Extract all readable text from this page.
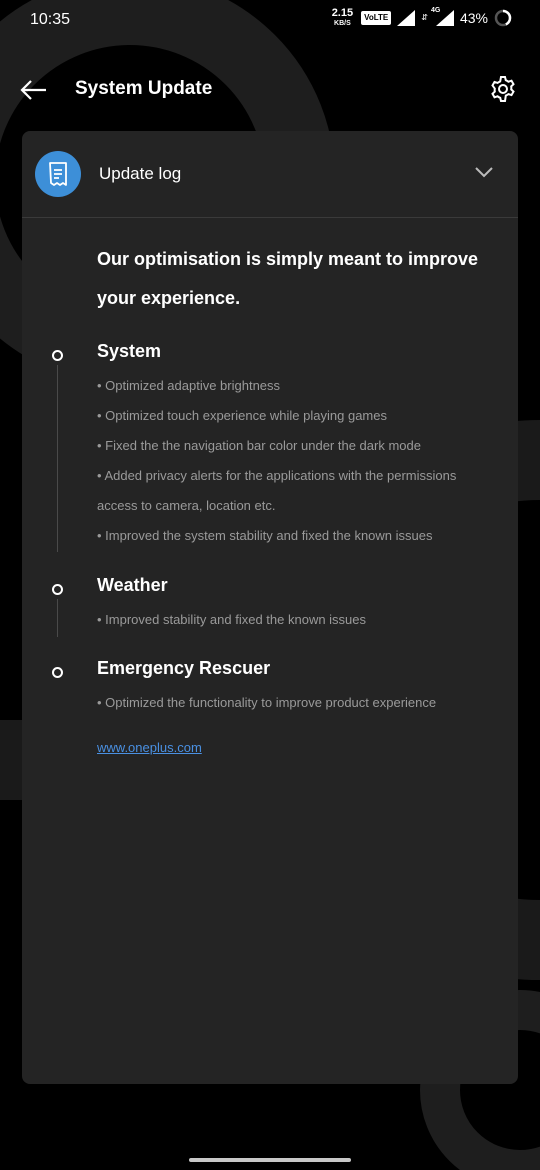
10:35	2.15
KB/S
VoLTE	⇵
4G 43%
System Update
Update log
Our optimisation is simply meant to improve your experience.
System
• Optimized adaptive brightness
• Optimized touch experience while playing games
• Fixed the the navigation bar color under the dark mode
• Added privacy alerts for the applications with the permissions access to camera, location etc.
• Improved the system stability and fixed the known issues
Weather
• Improved stability and fixed the known issues
Emergency Rescuer
• Optimized the functionality to improve product experience
www.oneplus.com
